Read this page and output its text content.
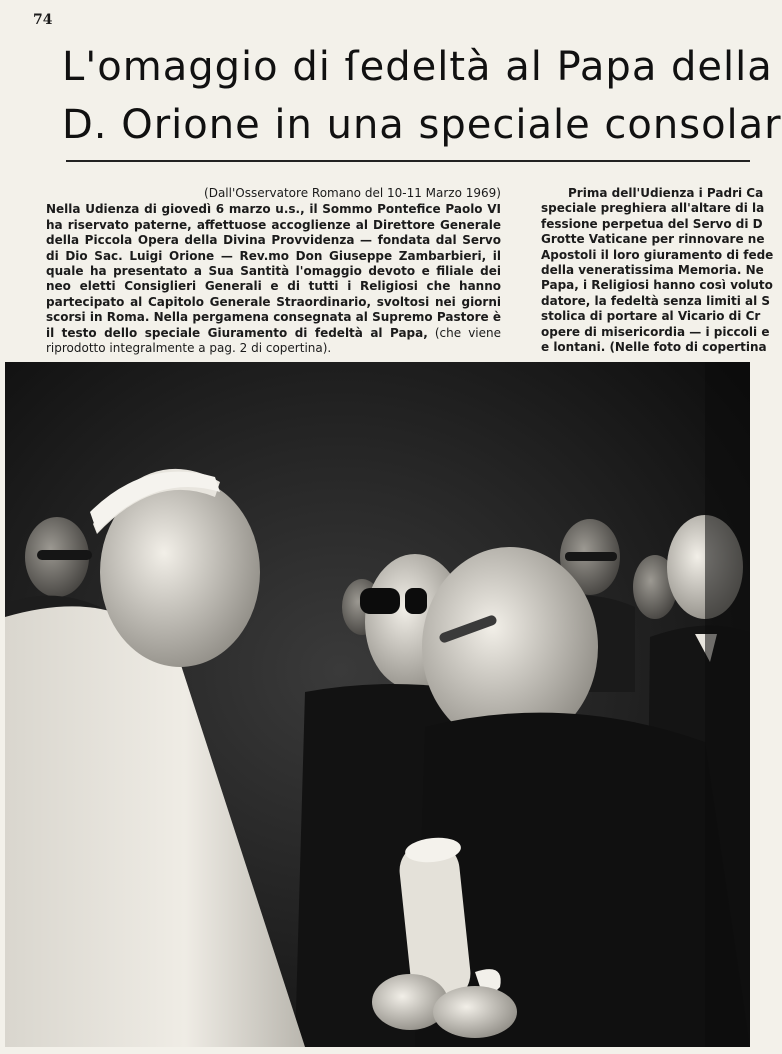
74
L'omaggio di ſedeltà al Papa della
D. Orione in una speciale consolar
(Dall'Osservatore Romano del 10-11 Marzo 1969)

Nella Udienza di giovedì 6 marzo u.s., il Sommo Pontefice Paolo VI ha riservato paterne, affettuose accoglienze al Direttore Generale della Piccola Opera della Divina Provvidenza — fondata dal Servo di Dio Sac. Luigi Orione — Rev.mo Don Giuseppe Zambarbieri, il quale ha presentato a Sua Santità l'omaggio devoto e filiale dei neo eletti Consiglieri Generali e di tutti i Religiosi che hanno partecipato al Capitolo Generale Straordinario, svoltosi nei giorni scorsi in Roma. Nella pergamena consegnata al Supremo Pastore è il testo dello speciale Giuramento di fedeltà al Papa, (che viene riprodotto integralmente a pag. 2 di copertina).

Prima dell'Udienza i Padri Ca
speciale preghiera all'altare di la
fessione perpetua del Servo di D
Grotte Vaticane per rinnovare ne
Apostoli il loro giuramento di fede
della veneratissima Memoria. Ne
Papa, i Religiosi hanno così voluto
datore, la fedeltà senza limiti al S
stolica di portare al Vicario di Cr
opere di misericordia — i piccoli e
e lontani. (Nelle foto di copertina
